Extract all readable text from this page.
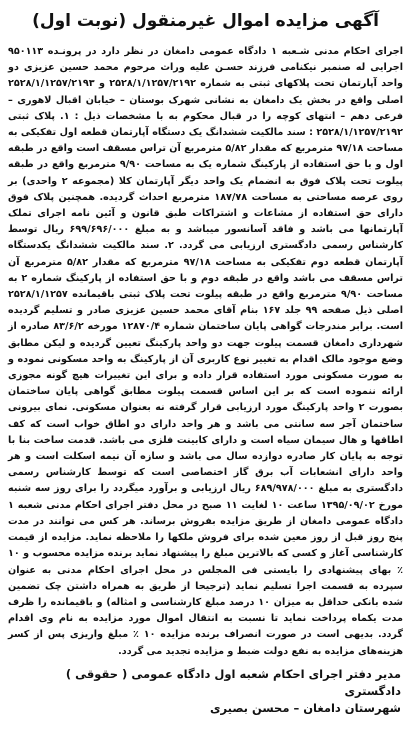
آگهی مزایده اموال غیرمنقول (نوبت اول)
اجرای احکام مدنی شـعبه ۱ دادگاه عمومی دامغان در نظر دارد در پرونـده ۹۵۰۱۱۳ اجرایی له صنمبر نیکنامی فرزند حسـن علیه وراث مرحوم محمد حسین عزیزی دو واحد آپارتمان تحت پلاکهای ثبتی به شماره ۲۵۲۸/۱/۱۲۵۷/۲۱۹۲ و ۲۵۲۸/۱/۱۲۵۷/۲۱۹۳ اصلی واقع در بخش یک دامغان به نشانی شهرک بوستان – خیابان اقبال لاهوری – فرعی دهم – انتهای کوچه را در قبال محکوم به با مشخصات ذیل : ۱. پلاک ثبتی ۲۵۲۸/۱/۱۲۵۷/۲۱۹۲ : سند مالکیت ششدانگ یک دستگاه آپارتمان قطعه اول تفکیکی به مساحت ۹۷/۱۸ مترمربع که مقدار ۵/۸۲ مترمربع آن تراس مسقف است واقع در طبقه اول و با حق استفاده از پارکینگ شماره یک به مساحت ۹/۹۰ مترمربع واقع در طبقه پیلوت تحت پلاک فوق به انضمام یک واحد دیگر آپارتمان کلا (مجموعه ۲ واحدی) بر روی عرصه مساحتی به مساحت ۱۸۷/۷۸ مترمربع احداث گردیده. همچنین پلاک فوق دارای حق استفاده از مشاعات و اشتراکات طبق قانون و آئین نامه اجرای تملک آپارتمانها می باشد و فاقد آسانسور میباشد و به مبلغ ۶۹۹/۶۹۶/۰۰۰ ریال توسط کارشناس رسمی دادگستری ارزیابی می گردد. ۲. سند مالکیت ششدانگ یکدستگاه آپارتمان قطعه دوم تفکیکی به مساحت ۹۷/۱۸ مترمربع که مقدار ۵/۸۲ مترمربع آن تراس مسقف می باشد واقع در طبقه دوم و با حق استفاده از پارکینگ شماره ۲ به مساحت ۹/۹۰ مترمربع واقع در طبقه پیلوت تحت پلاک ثبتی باقیمانده ۲۵۲۸/۱/۱۲۵۷ اصلی ذیل صفحه ۹۹ جلد ۱۶۷ بنام آقای محمد حسین عزیزی صادر و تسلیم گردیده است. برابر مندرجات گواهی پایان ساختمان شماره ۱۲۸۷۰/۴ مورخه ۸۳/۶/۲ صادره از شهرداری دامغان قسمت پیلوت جهت دو واحد پارکینگ تعیین گردیده و لیکن مطابق وضع موجود مالک اقدام به تغییر نوع کاربری آن از پارکینگ به واحد مسکونی نموده و به صورت مسکونی مورد استفاده قرار داده و برای این تغییرات هیچ گونه مجوزی ارائه ننموده است که بر این اساس قسمت پیلوت مطابق گواهی پایان ساختمان بصورت ۲ واحد پارکینگ مورد ارزیابی قرار گرفته نه بعنوان مسکونی. نمای بیرونی ساختمان آجر سه سانتی می باشد و هر واحد دارای دو اطاق خواب است که کف اطاقها و هال سیمان سیاه است و دارای کابینت فلزی می باشد. قدمت ساخت بنا با توجه به پایان کار صادره دوازده سال می باشد و سازه آن نیمه اسکلت است و هر واحد دارای انشعابات آب برق گاز اختصاصی است که توسط کارشناس رسمی دادگستری به مبلغ ۶۸۹/۹۷۸/۰۰۰ ریال ارزیابی و برآورد میگردد را برای روز سه شنبه مورخ ۱۳۹۵/۰۹/۰۲ ساعت ۱۰ لغایت ۱۱ صبح در محل دفتر اجرای احکام مدنی شعبه ۱ دادگاه عمومی دامغان از طریق مزایده بفروش برساند. هر کس می توانند در مدت پنج روز قبل از روز معین شده برای فروش ملکها را ملاحظه نماید. مزایده از قیمت کارشناسی آغاز و کسی که بالاترین مبلغ را پیشنهاد نماید برنده مزایده محسوب و ۱۰ ٪ بهای پیشنهادی را بایستی فی المجلس در محل اجرای احکام مدنی به عنوان سپرده به قسمت اجرا تسلیم نماید (ترجیحا از طریق به همراه داشتن چک تضمین شده بانکی حداقل به میزان ۱۰ درصد مبلغ کارشناسی و امثاله) و باقیمانده را ظرف مدت یکماه پرداخت نماید تا نسبت به انتقال اموال مورد مزایده به نام وی اقدام گردد. بدیهی است در صورت انصراف برنده مزایده ۱۰ ٪ مبلغ واریزی پس از کسر هزینه‌های مزایده به نفع دولت ضبط و مزایده تجدید می گردد.
مدیر دفتر اجرای احکام شعبه اول دادگاه عمومی ( حقوقی ) دادگستری
شهرستان دامغان – محسن بصیری
